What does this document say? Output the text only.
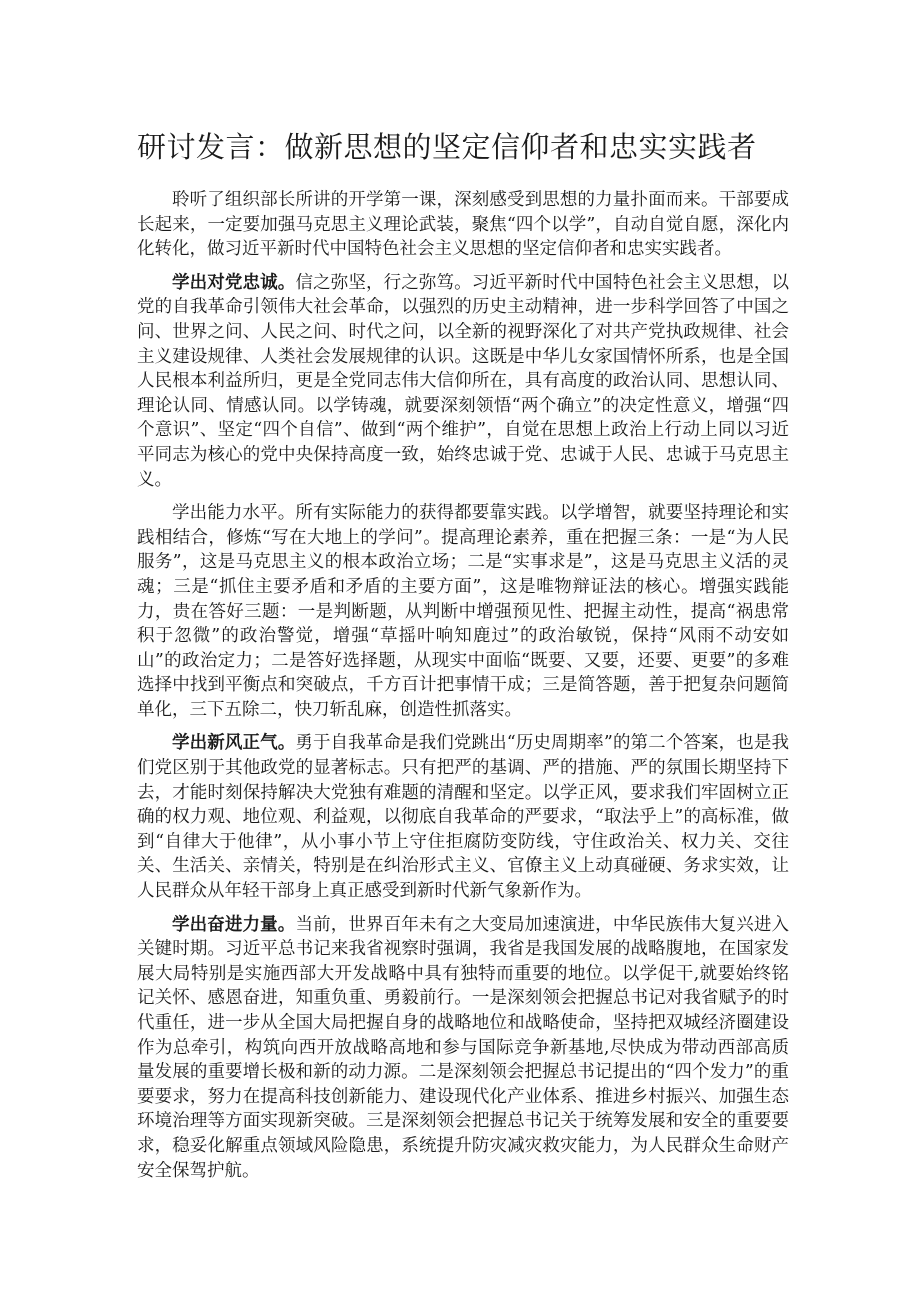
研讨发言：做新思想的坚定信仰者和忠实实践者

聆听了组织部长所讲的开学第一课，深刻感受到思想的力量扑面而来。干部要成长起来，一定要加强马克思主义理论武装，聚焦“四个以学”，自动自觉自愿，深化内化转化，做习近平新时代中国特色社会主义思想的坚定信仰者和忠实实践者。

学出对党忠诚。信之弥坚，行之弥笃。习近平新时代中国特色社会主义思想，以党的自我革命引领伟大社会革命，以强烈的历史主动精神，进一步科学回答了中国之问、世界之问、人民之问、时代之问，以全新的视野深化了对共产党执政规律、社会主义建设规律、人类社会发展规律的认识。这既是中华儿女家国情怀所系，也是全国人民根本利益所归，更是全党同志伟大信仰所在，具有高度的政治认同、思想认同、理论认同、情感认同。以学铸魂，就要深刻领悟“两个确立”的决定性意义，增强“四个意识”、坚定“四个自信”、做到“两个维护”，自觉在思想上政治上行动上同以习近平同志为核心的党中央保持高度一致，始终忠诚于党、忠诚于人民、忠诚于马克思主义。

学出能力水平。所有实际能力的获得都要靠实践。以学增智，就要坚持理论和实践相结合，修炼“写在大地上的学问”。提高理论素养，重在把握三条：一是“为人民服务”，这是马克思主义的根本政治立场；二是“实事求是”，这是马克思主义活的灵魂；三是“抓住主要矛盾和矛盾的主要方面”，这是唯物辩证法的核心。增强实践能力，贵在答好三题：一是判断题，从判断中增强预见性、把握主动性，提高“祸患常积于忽微”的政治警觉，增强“草摇叶响知鹿过”的政治敏锐，保持“风雨不动安如山”的政治定力；二是答好选择题，从现实中面临“既要、又要，还要、更要”的多难选择中找到平衡点和突破点，千方百计把事情干成；三是简答题，善于把复杂问题简单化，三下五除二，快刀斩乱麻，创造性抓落实。

学出新风正气。勇于自我革命是我们党跳出“历史周期率”的第二个答案，也是我们党区别于其他政党的显著标志。只有把严的基调、严的措施、严的氛围长期坚持下去，才能时刻保持解决大党独有难题的清醒和坚定。以学正风，要求我们牢固树立正确的权力观、地位观、利益观，以彻底自我革命的严要求，“取法乎上”的高标准，做到“自律大于他律”，从小事小节上守住拒腐防变防线，守住政治关、权力关、交往关、生活关、亲情关，特别是在纠治形式主义、官僚主义上动真碰硬、务求实效，让人民群众从年轻干部身上真正感受到新时代新气象新作为。

学出奋进力量。当前，世界百年未有之大变局加速演进，中华民族伟大复兴进入关键时期。习近平总书记来我省视察时强调，我省是我国发展的战略腹地，在国家发展大局特别是实施西部大开发战略中具有独特而重要的地位。以学促干,就要始终铭记关怀、感恩奋进，知重负重、勇毅前行。一是深刻领会把握总书记对我省赋予的时代重任，进一步从全国大局把握自身的战略地位和战略使命，坚持把双城经济圈建设作为总牵引，构筑向西开放战略高地和参与国际竞争新基地,尽快成为带动西部高质量发展的重要增长极和新的动力源。二是深刻领会把握总书记提出的“四个发力”的重要要求，努力在提高科技创新能力、建设现代化产业体系、推进乡村振兴、加强生态环境治理等方面实现新突破。三是深刻领会把握总书记关于统筹发展和安全的重要要求，稳妥化解重点领域风险隐患，系统提升防灾减灾救灾能力，为人民群众生命财产安全保驾护航。
